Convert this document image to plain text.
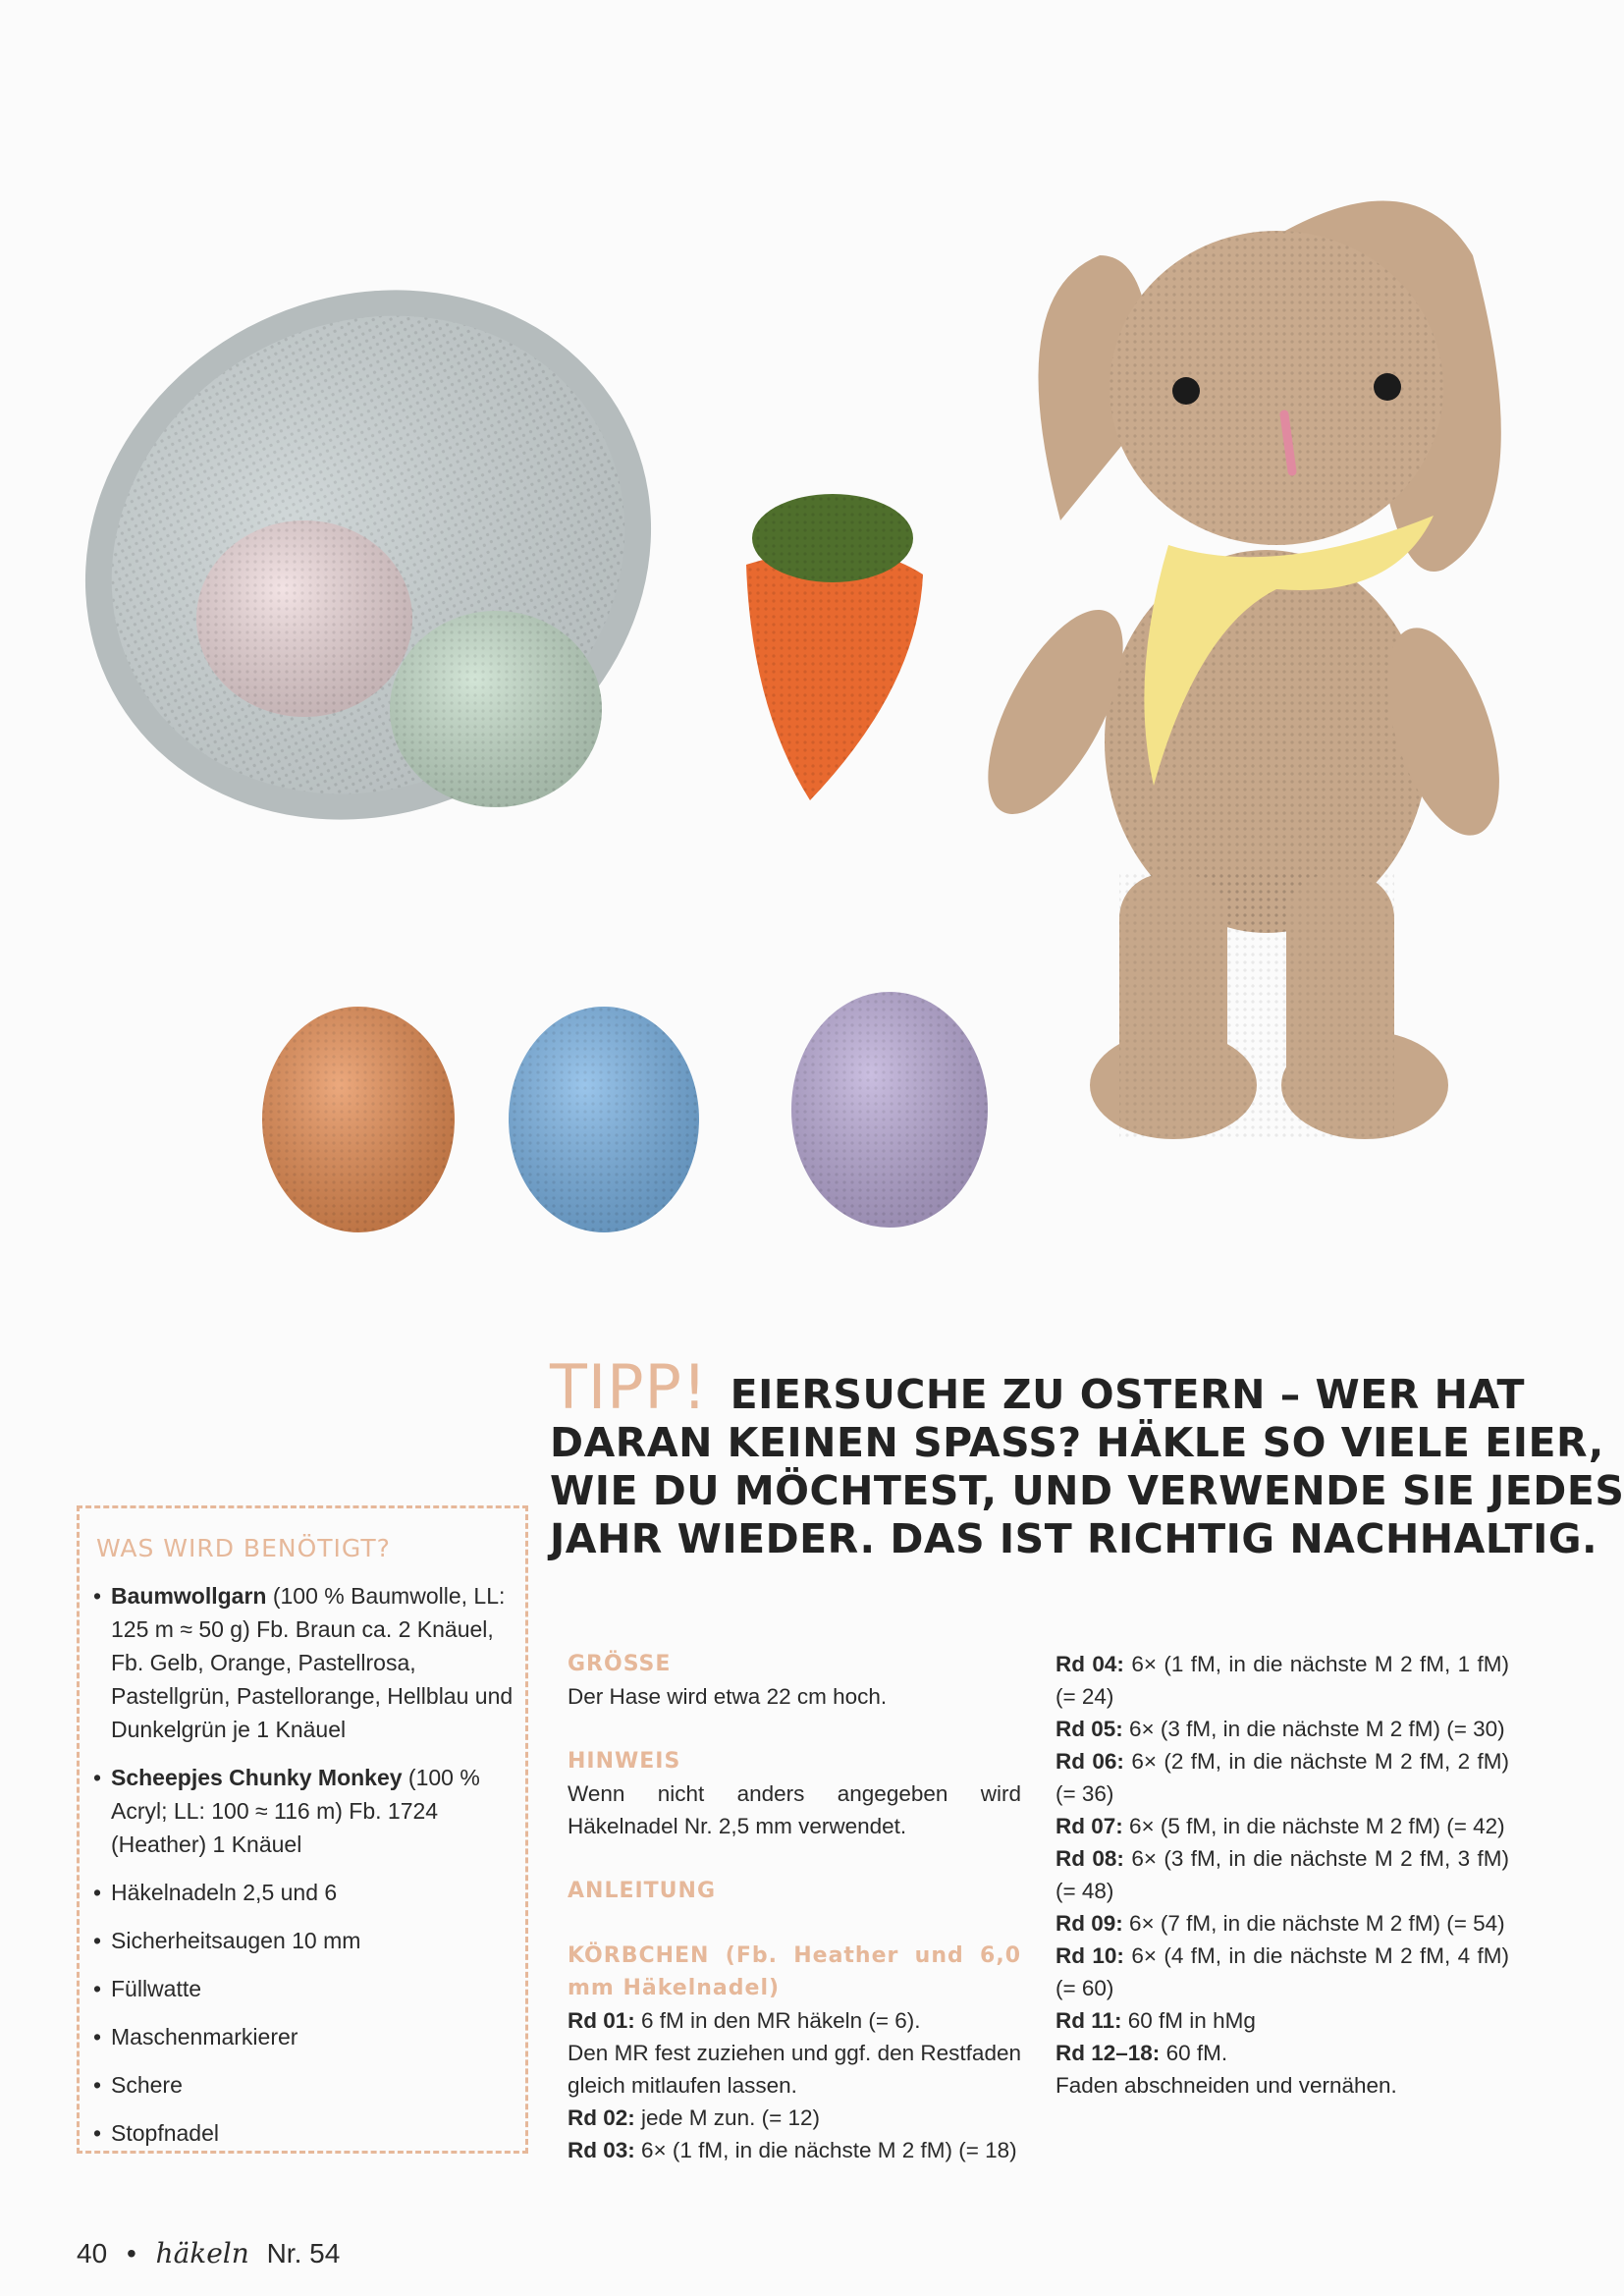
TIPP! EIERSUCHE ZU OSTERN – WER HAT
DARAN KEINEN SPASS? HÄKLE SO VIELE EIER,
WIE DU MÖCHTEST, UND VERWENDE SIE JEDES
JAHR WIEDER. DAS IST RICHTIG NACHHALTIG.
WAS WIRD BENÖTIGT?
• Baumwollgarn (100 % Baumwolle, LL: 125 m ≈ 50 g) Fb. Braun ca. 2 Knäuel, Fb. Gelb, Orange, Pastellrosa, Pastellgrün, Pastellorange, Hellblau und Dunkelgrün je 1 Knäuel
• Scheepjes Chunky Monkey (100 % Acryl; LL: 100 ≈ 116 m) Fb. 1724 (Heather) 1 Knäuel
• Häkelnadeln 2,5 und 6
• Sicherheitsaugen 10 mm
• Füllwatte
• Maschenmarkierer
• Schere
• Stopfnadel
GRÖSSE
Der Hase wird etwa 22 cm hoch.
HINWEIS
Wenn nicht anders angegeben wird Häkelnadel Nr. 2,5 mm verwendet.
ANLEITUNG
KÖRBCHEN (Fb. Heather und 6,0 mm Häkelnadel)
Rd 01: 6 fM in den MR häkeln (= 6).
Den MR fest zuziehen und ggf. den Restfaden gleich mitlaufen lassen.
Rd 02: jede M zun. (= 12)
Rd 03: 6× (1 fM, in die nächste M 2 fM) (= 18)
Rd 04: 6× (1 fM, in die nächste M 2 fM, 1 fM) (= 24)
Rd 05: 6× (3 fM, in die nächste M 2 fM) (= 30)
Rd 06: 6× (2 fM, in die nächste M 2 fM, 2 fM) (= 36)
Rd 07: 6× (5 fM, in die nächste M 2 fM) (= 42)
Rd 08: 6× (3 fM, in die nächste M 2 fM, 3 fM) (= 48)
Rd 09: 6× (7 fM, in die nächste M 2 fM) (= 54)
Rd 10: 6× (4 fM, in die nächste M 2 fM, 4 fM) (= 60)
Rd 11: 60 fM in hMg
Rd 12–18: 60 fM.
Faden abschneiden und vernähen.
40 • häkeln Nr. 54
